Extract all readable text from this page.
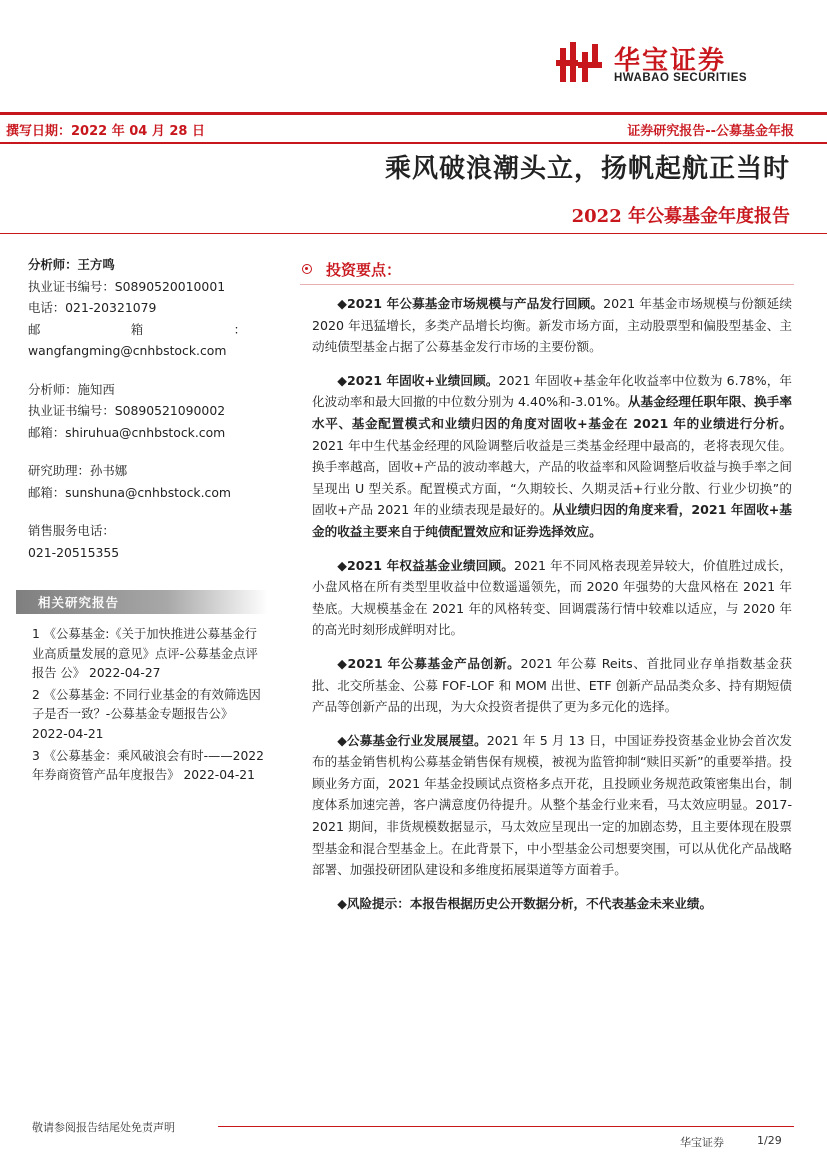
华宝证券
HWABAO SECURITIES
撰写日期：2022 年 04 月 28 日	证券研究报告--公募基金年报
乘风破浪潮头立，扬帆起航正当时
2022 年公募基金年度报告
分析师：王方鸣
执业证书编号：S0890520010001
电话：021-20321079
邮	箱	：
wangfangming@cnhbstock.com
分析师：施知西
执业证书编号：S0890521090002
邮箱：shiruhua@cnhbstock.com
研究助理：孙书娜
邮箱：sunshuna@cnhbstock.com
销售服务电话：
021-20515355
相关研究报告
1 《公募基金:《关于加快推进公募基金行业高质量发展的意见》点评-公募基金点评报告 公》 2022-04-27
2 《公募基金: 不同行业基金的有效筛选因子是否一致？-公募基金专题报告公》 2022-04-21
3 《公募基金：乘风破浪会有时-——2022 年券商资管产品年度报告》 2022-04-21
投资要点：

◆2021 年公募基金市场规模与产品发行回顾。2021 年基金市场规模与份额延续 2020 年迅猛增长，多类产品增长均衡。新发市场方面，主动股票型和偏股型基金、主动纯债型基金占据了公募基金发行市场的主要份额。

◆2021 年固收+业绩回顾。2021 年固收+基金年化收益率中位数为 6.78%，年化波动率和最大回撤的中位数分别为 4.40%和-3.01%。从基金经理任职年限、换手率水平、基金配置模式和业绩归因的角度对固收+基金在 2021 年的业绩进行分析。2021 年中生代基金经理的风险调整后收益是三类基金经理中最高的，老将表现欠佳。换手率越高，固收+产品的波动率越大，产品的收益率和风险调整后收益与换手率之间呈现出 U 型关系。配置模式方面，“久期较长、久期灵活+行业分散、行业少切换”的固收+产品 2021 年的业绩表现是最好的。从业绩归因的角度来看，2021 年固收+基金的收益主要来自于纯债配置效应和证券选择效应。

◆2021 年权益基金业绩回顾。2021 年不同风格表现差异较大，价值胜过成长，小盘风格在所有类型里收益中位数遥遥领先，而 2020 年强势的大盘风格在 2021 年垫底。大规模基金在 2021 年的风格转变、回调震荡行情中较难以适应，与 2020 年的高光时刻形成鲜明对比。

◆2021 年公募基金产品创新。2021 年公募 Reits、首批同业存单指数基金获批、北交所基金、公募 FOF-LOF 和 MOM 出世、ETF 创新产品品类众多、持有期短债产品等创新产品的出现，为大众投资者提供了更为多元化的选择。

◆公募基金行业发展展望。2021 年 5 月 13 日，中国证券投资基金业协会首次发布的基金销售机构公募基金销售保有规模，被视为监管抑制“赎旧买新”的重要举措。投顾业务方面，2021 年基金投顾试点资格多点开花，且投顾业务规范政策密集出台，制度体系加速完善，客户满意度仍待提升。从整个基金行业来看，马太效应明显。2017-2021 期间，非货规模数据显示，马太效应呈现出一定的加剧态势，且主要体现在股票型基金和混合型基金上。在此背景下，中小型基金公司想要突围，可以从优化产品战略部署、加强投研团队建设和多维度拓展渠道等方面着手。

◆风险提示：本报告根据历史公开数据分析，不代表基金未来业绩。

敬请参阅报告结尾处免责声明
华宝证券	1/29
